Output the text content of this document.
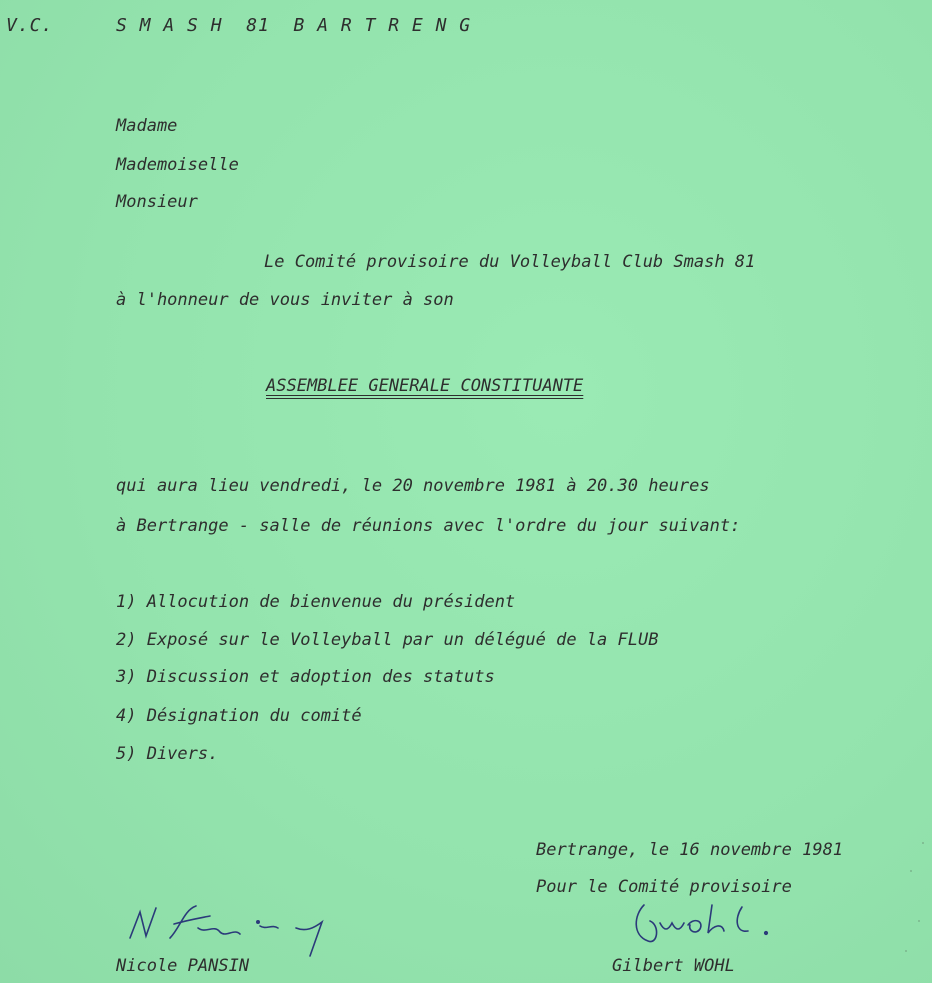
V.C.	S M A S H  81  B A R T R E N G
Madame
Mademoiselle
Monsieur
Le Comité provisoire du Volleyball Club Smash 81
à l'honneur de vous inviter à son
ASSEMBLEE GENERALE CONSTITUANTE
qui aura lieu vendredi, le 20 novembre 1981 à 20.30 heures
à Bertrange - salle de réunions avec l'ordre du jour suivant:
1) Allocution de bienvenue du président
2) Exposé sur le Volleyball par un délégué de la FLUB
3) Discussion et adoption des statuts
4) Désignation du comité
5) Divers.
Bertrange, le 16 novembre 1981
Pour le Comité provisoire
Nicole PANSIN	Gilbert WOHL
